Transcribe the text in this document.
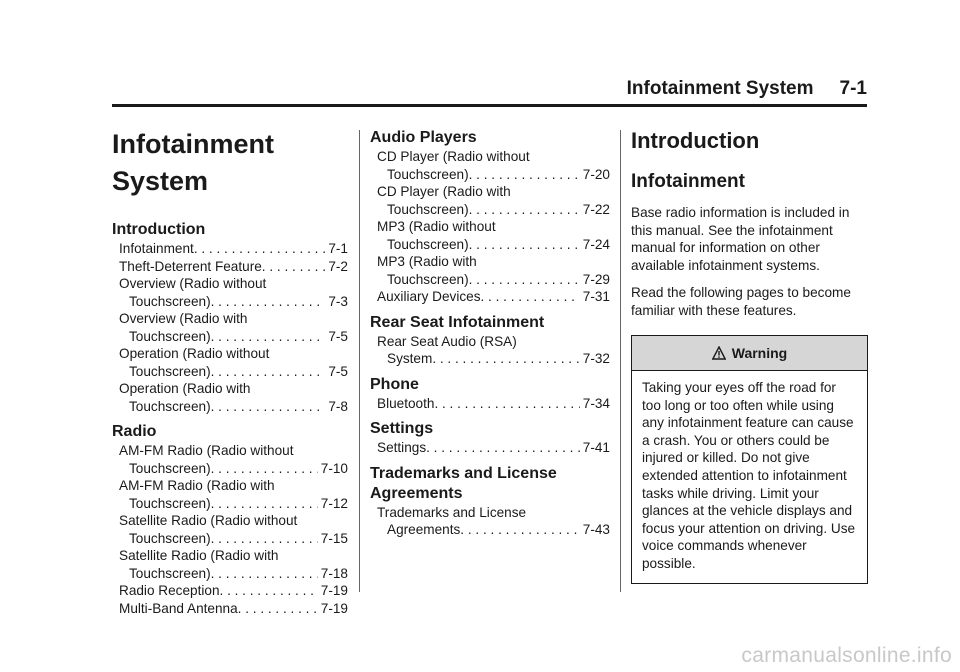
Infotainment System 7-1
Infotainment
System
Introduction
Infotainment . . .	7-1
Theft-Deterrent Feature . . .	7-2
Overview (Radio without
Touchscreen) . . .	7-3
Overview (Radio with
Touchscreen) . . .	7-5
Operation (Radio without
Touchscreen) . . .	7-5
Operation (Radio with
Touchscreen) . . .	7-8
Radio
AM-FM Radio (Radio without
Touchscreen) . . .	7-10
AM-FM Radio (Radio with
Touchscreen) . . .	7-12
Satellite Radio (Radio without
Touchscreen) . . .	7-15
Satellite Radio (Radio with
Touchscreen) . . .	7-18
Radio Reception . . .	7-19
Multi-Band Antenna . . .	7-19
Audio Players
CD Player (Radio without
Touchscreen) . . .	7-20
CD Player (Radio with
Touchscreen) . . .	7-22
MP3 (Radio without
Touchscreen) . . .	7-24
MP3 (Radio with
Touchscreen) . . .	7-29
Auxiliary Devices . . .	7-31
Rear Seat Infotainment
Rear Seat Audio (RSA)
System . . .	7-32
Phone
Bluetooth . . .	7-34
Settings
Settings . . .	7-41
Trademarks and License Agreements
Trademarks and License
Agreements . . .	7-43
Introduction
Infotainment

Base radio information is included in this manual. See the infotainment manual for information on other available infotainment systems.

Read the following pages to become familiar with these features.

Warning
Taking your eyes off the road for too long or too often while using any infotainment feature can cause a crash. You or others could be injured or killed. Do not give extended attention to infotainment tasks while driving. Limit your glances at the vehicle displays and focus your attention on driving. Use voice commands whenever possible.
carmanualsonline.info
